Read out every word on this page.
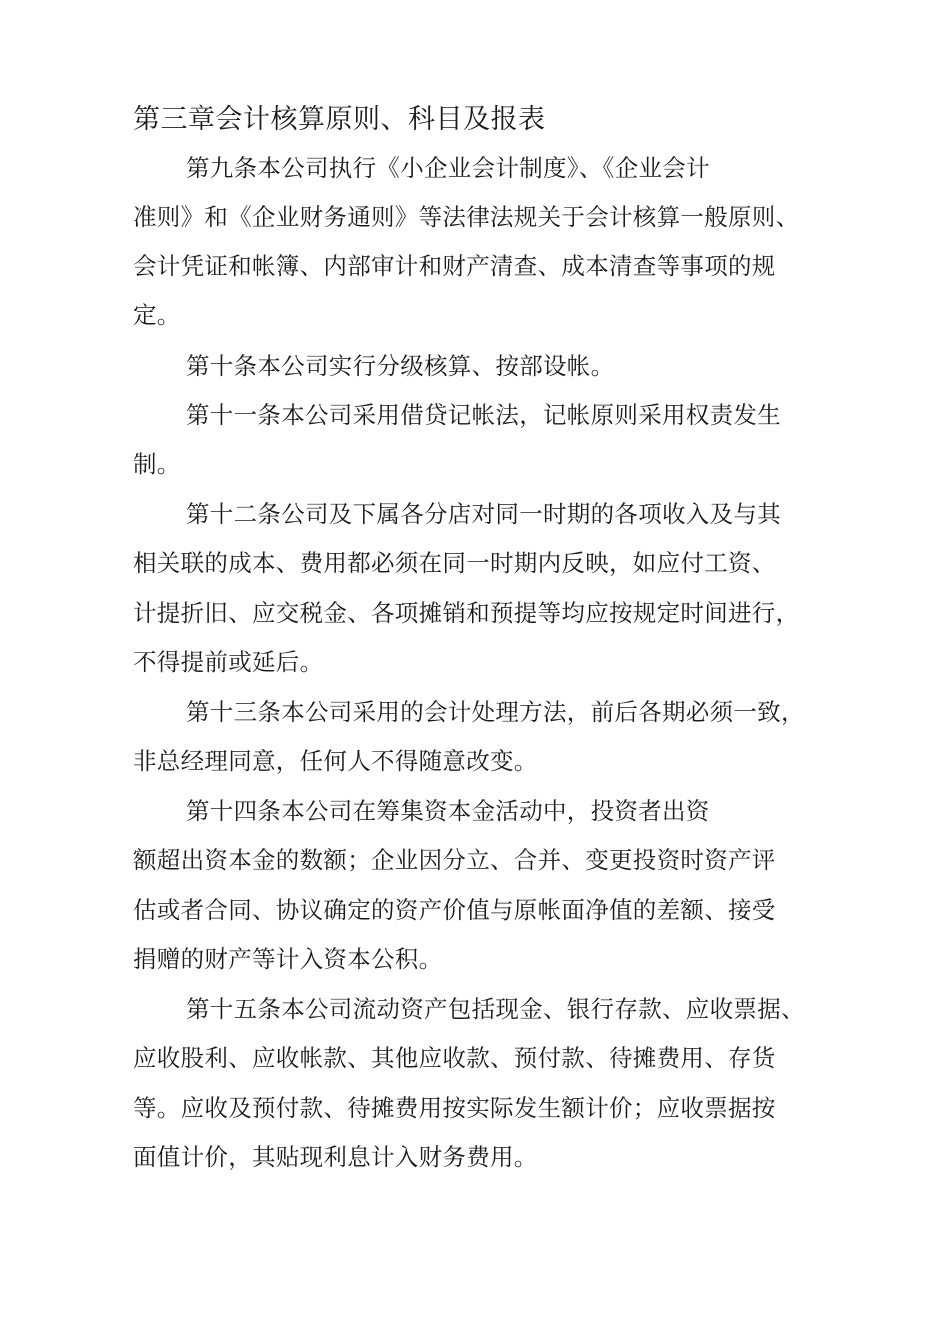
第三章会计核算原则、科目及报表
第九条本公司执行《小企业会计制度》、《企业会计
准则》和《企业财务通则》等法律法规关于会计核算一般原则、
会计凭证和帐簿、内部审计和财产清查、成本清查等事项的规
定。
第十条本公司实行分级核算、按部设帐。
第十一条本公司采用借贷记帐法，记帐原则采用权责发生
制。
第十二条公司及下属各分店对同一时期的各项收入及与其
相关联的成本、费用都必须在同一时期内反映，如应付工资、
计提折旧、应交税金、各项摊销和预提等均应按规定时间进行，
不得提前或延后。
第十三条本公司采用的会计处理方法，前后各期必须一致，
非总经理同意，任何人不得随意改变。
第十四条本公司在筹集资本金活动中，投资者出资
额超出资本金的数额；企业因分立、合并、变更投资时资产评
估或者合同、协议确定的资产价值与原帐面净值的差额、接受
捐赠的财产等计入资本公积。
第十五条本公司流动资产包括现金、银行存款、应收票据、
应收股利、应收帐款、其他应收款、预付款、待摊费用、存货
等。应收及预付款、待摊费用按实际发生额计价；应收票据按
面值计价，其贴现利息计入财务费用。
